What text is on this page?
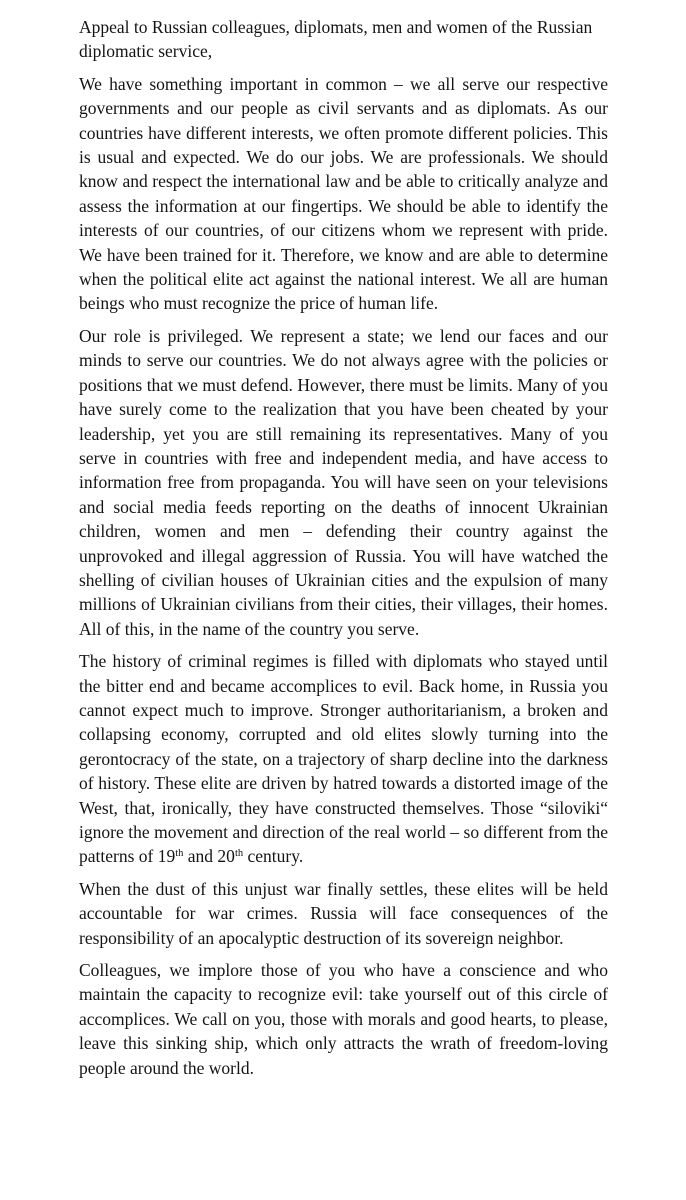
Appeal to Russian colleagues, diplomats, men and women of the Russian diplomatic service,

We have something important in common – we all serve our respective governments and our people as civil servants and as diplomats. As our countries have different interests, we often promote different policies. This is usual and expected. We do our jobs. We are professionals. We should know and respect the international law and be able to critically analyze and assess the information at our fingertips. We should be able to identify the interests of our countries, of our citizens whom we represent with pride. We have been trained for it. Therefore, we know and are able to determine when the political elite act against the national interest. We all are human beings who must recognize the price of human life.

Our role is privileged. We represent a state; we lend our faces and our minds to serve our countries. We do not always agree with the policies or positions that we must defend. However, there must be limits. Many of you have surely come to the realization that you have been cheated by your leadership, yet you are still remaining its representatives. Many of you serve in countries with free and independent media, and have access to information free from propaganda. You will have seen on your televisions and social media feeds reporting on the deaths of innocent Ukrainian children, women and men – defending their country against the unprovoked and illegal aggression of Russia. You will have watched the shelling of civilian houses of Ukrainian cities and the expulsion of many millions of Ukrainian civilians from their cities, their villages, their homes. All of this, in the name of the country you serve.

The history of criminal regimes is filled with diplomats who stayed until the bitter end and became accomplices to evil. Back home, in Russia you cannot expect much to improve. Stronger authoritarianism, a broken and collapsing economy, corrupted and old elites slowly turning into the gerontocracy of the state, on a trajectory of sharp decline into the darkness of history. These elite are driven by hatred towards a distorted image of the West, that, ironically, they have constructed themselves. Those “siloviki“ ignore the movement and direction of the real world – so different from the patterns of 19th and 20th century.

When the dust of this unjust war finally settles, these elites will be held accountable for war crimes. Russia will face consequences of the responsibility of an apocalyptic destruction of its sovereign neighbor.

Colleagues, we implore those of you who have a conscience and who maintain the capacity to recognize evil: take yourself out of this circle of accomplices. We call on you, those with morals and good hearts, to please, leave this sinking ship, which only attracts the wrath of freedom-loving people around the world.
